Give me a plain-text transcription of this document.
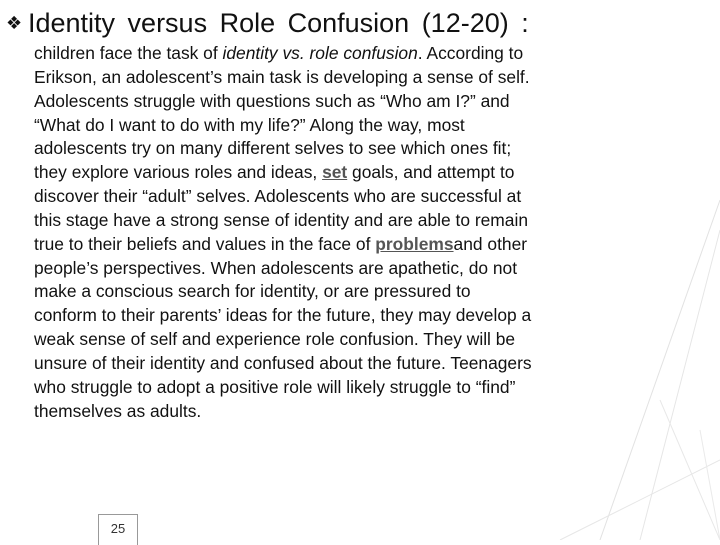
❖ Identity versus Role Confusion (12-20) :
children face the task of identity vs. role confusion. According to
Erikson, an adolescent’s main task is developing a sense of self.
Adolescents struggle with questions such as “Who am I?” and
“What do I want to do with my life?” Along the way, most
adolescents try on many different selves to see which ones fit;
they explore various roles and ideas, set goals, and attempt to
discover their “adult” selves. Adolescents who are successful at
this stage have a strong sense of identity and are able to remain
true to their beliefs and values in the face of problemsand other
people’s perspectives. When adolescents are apathetic, do not
make a conscious search for identity, or are pressured to
conform to their parents’ ideas for the future, they may develop a
weak sense of self and experience role confusion. They will be
unsure of their identity and confused about the future. Teenagers
who struggle to adopt a positive role will likely struggle to “find”
themselves as adults.
25
